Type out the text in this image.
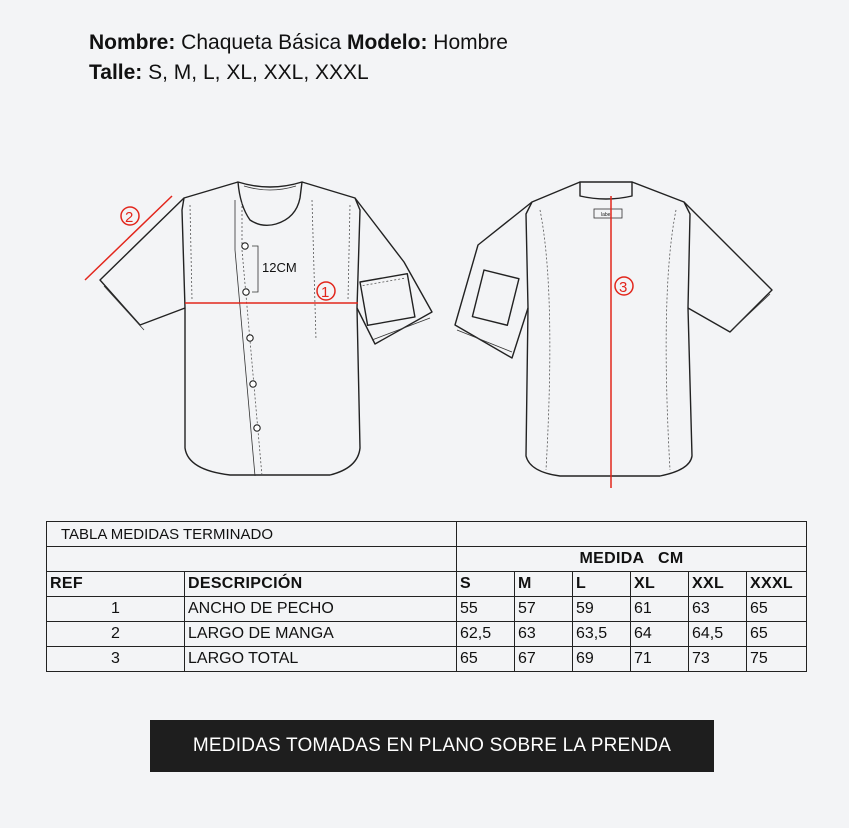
Nombre: Chaqueta Básica Modelo: Hombre
Talle: S, M, L, XL, XXL, XXXL
12CM
1
2	label
3
TABLA MEDIDAS TERMINADO							
		MEDIDA   CM					
REF	DESCRIPCIÓN	S	M	L	XL	XXL	XXXL
1	ANCHO DE PECHO	55	57	59	61	63	65
2	LARGO DE MANGA	62,5	63	63,5	64	64,5	65
3	LARGO TOTAL	65	67	69	71	73	75
MEDIDAS TOMADAS EN PLANO SOBRE LA PRENDA
